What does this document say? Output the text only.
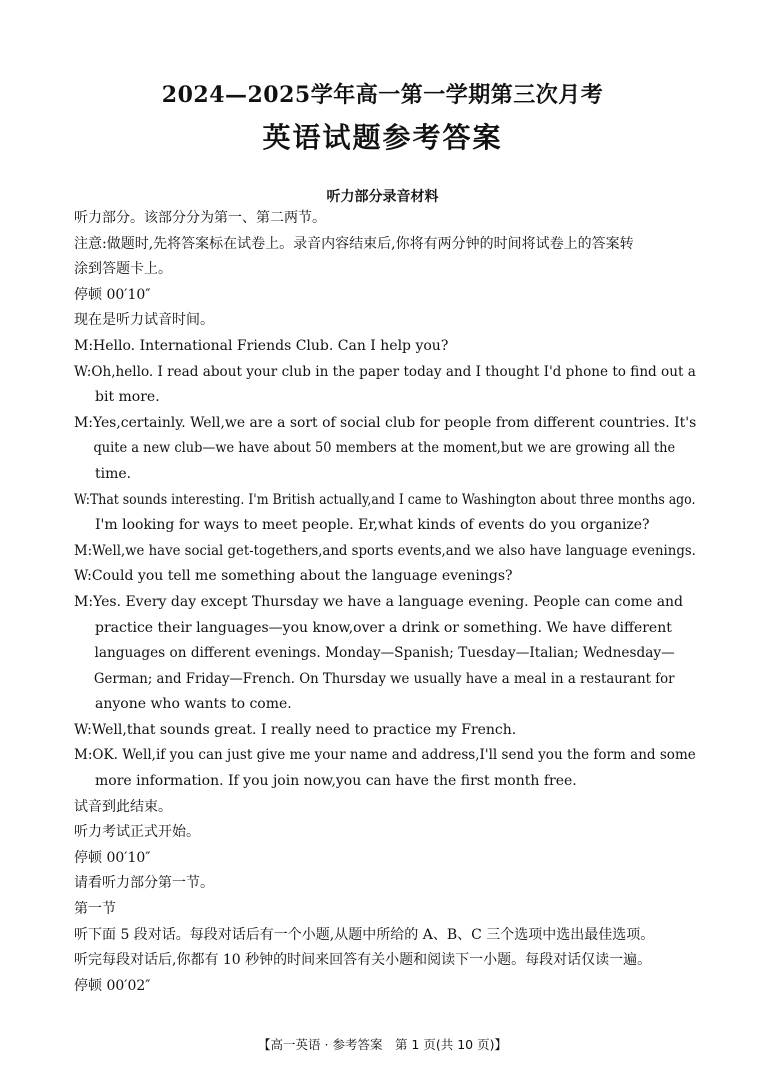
2024—2025学年高一第一学期第三次月考
英语试题参考答案
听力部分录音材料
听力部分。该部分分为第一、第二两节。
注意:做题时,先将答案标在试卷上。录音内容结束后,你将有两分钟的时间将试卷上的答案转
涂到答题卡上。
停顿 00′10″
现在是听力试音时间。
M:Hello. International Friends Club. Can I help you?
W:Oh,hello. I read about your club in the paper today and I thought I'd phone to find out a
bit more.
M:Yes,certainly. Well,we are a sort of social club for people from different countries. It's
quite a new club—we have about 50 members at the moment,but we are growing all the
time.
W:That sounds interesting. I'm British actually,and I came to Washington about three months ago.
I'm looking for ways to meet people. Er,what kinds of events do you organize?
M:Well,we have social get-togethers,and sports events,and we also have language evenings.
W:Could you tell me something about the language evenings?
M:Yes. Every day except Thursday we have a language evening. People can come and
practice their languages—you know,over a drink or something. We have different
languages on different evenings. Monday—Spanish; Tuesday—Italian; Wednesday—
German; and Friday—French. On Thursday we usually have a meal in a restaurant for
anyone who wants to come.
W:Well,that sounds great. I really need to practice my French.
M:OK. Well,if you can just give me your name and address,I'll send you the form and some
more information. If you join now,you can have the first month free.
试音到此结束。
听力考试正式开始。
停顿 00′10″
请看听力部分第一节。
第一节
听下面 5 段对话。每段对话后有一个小题,从题中所给的 A、B、C 三个选项中选出最佳选项。
听完每段对话后,你都有 10 秒钟的时间来回答有关小题和阅读下一小题。每段对话仅读一遍。
停顿 00′02″
【高一英语 · 参考答案　第 1 页(共 10 页)】
